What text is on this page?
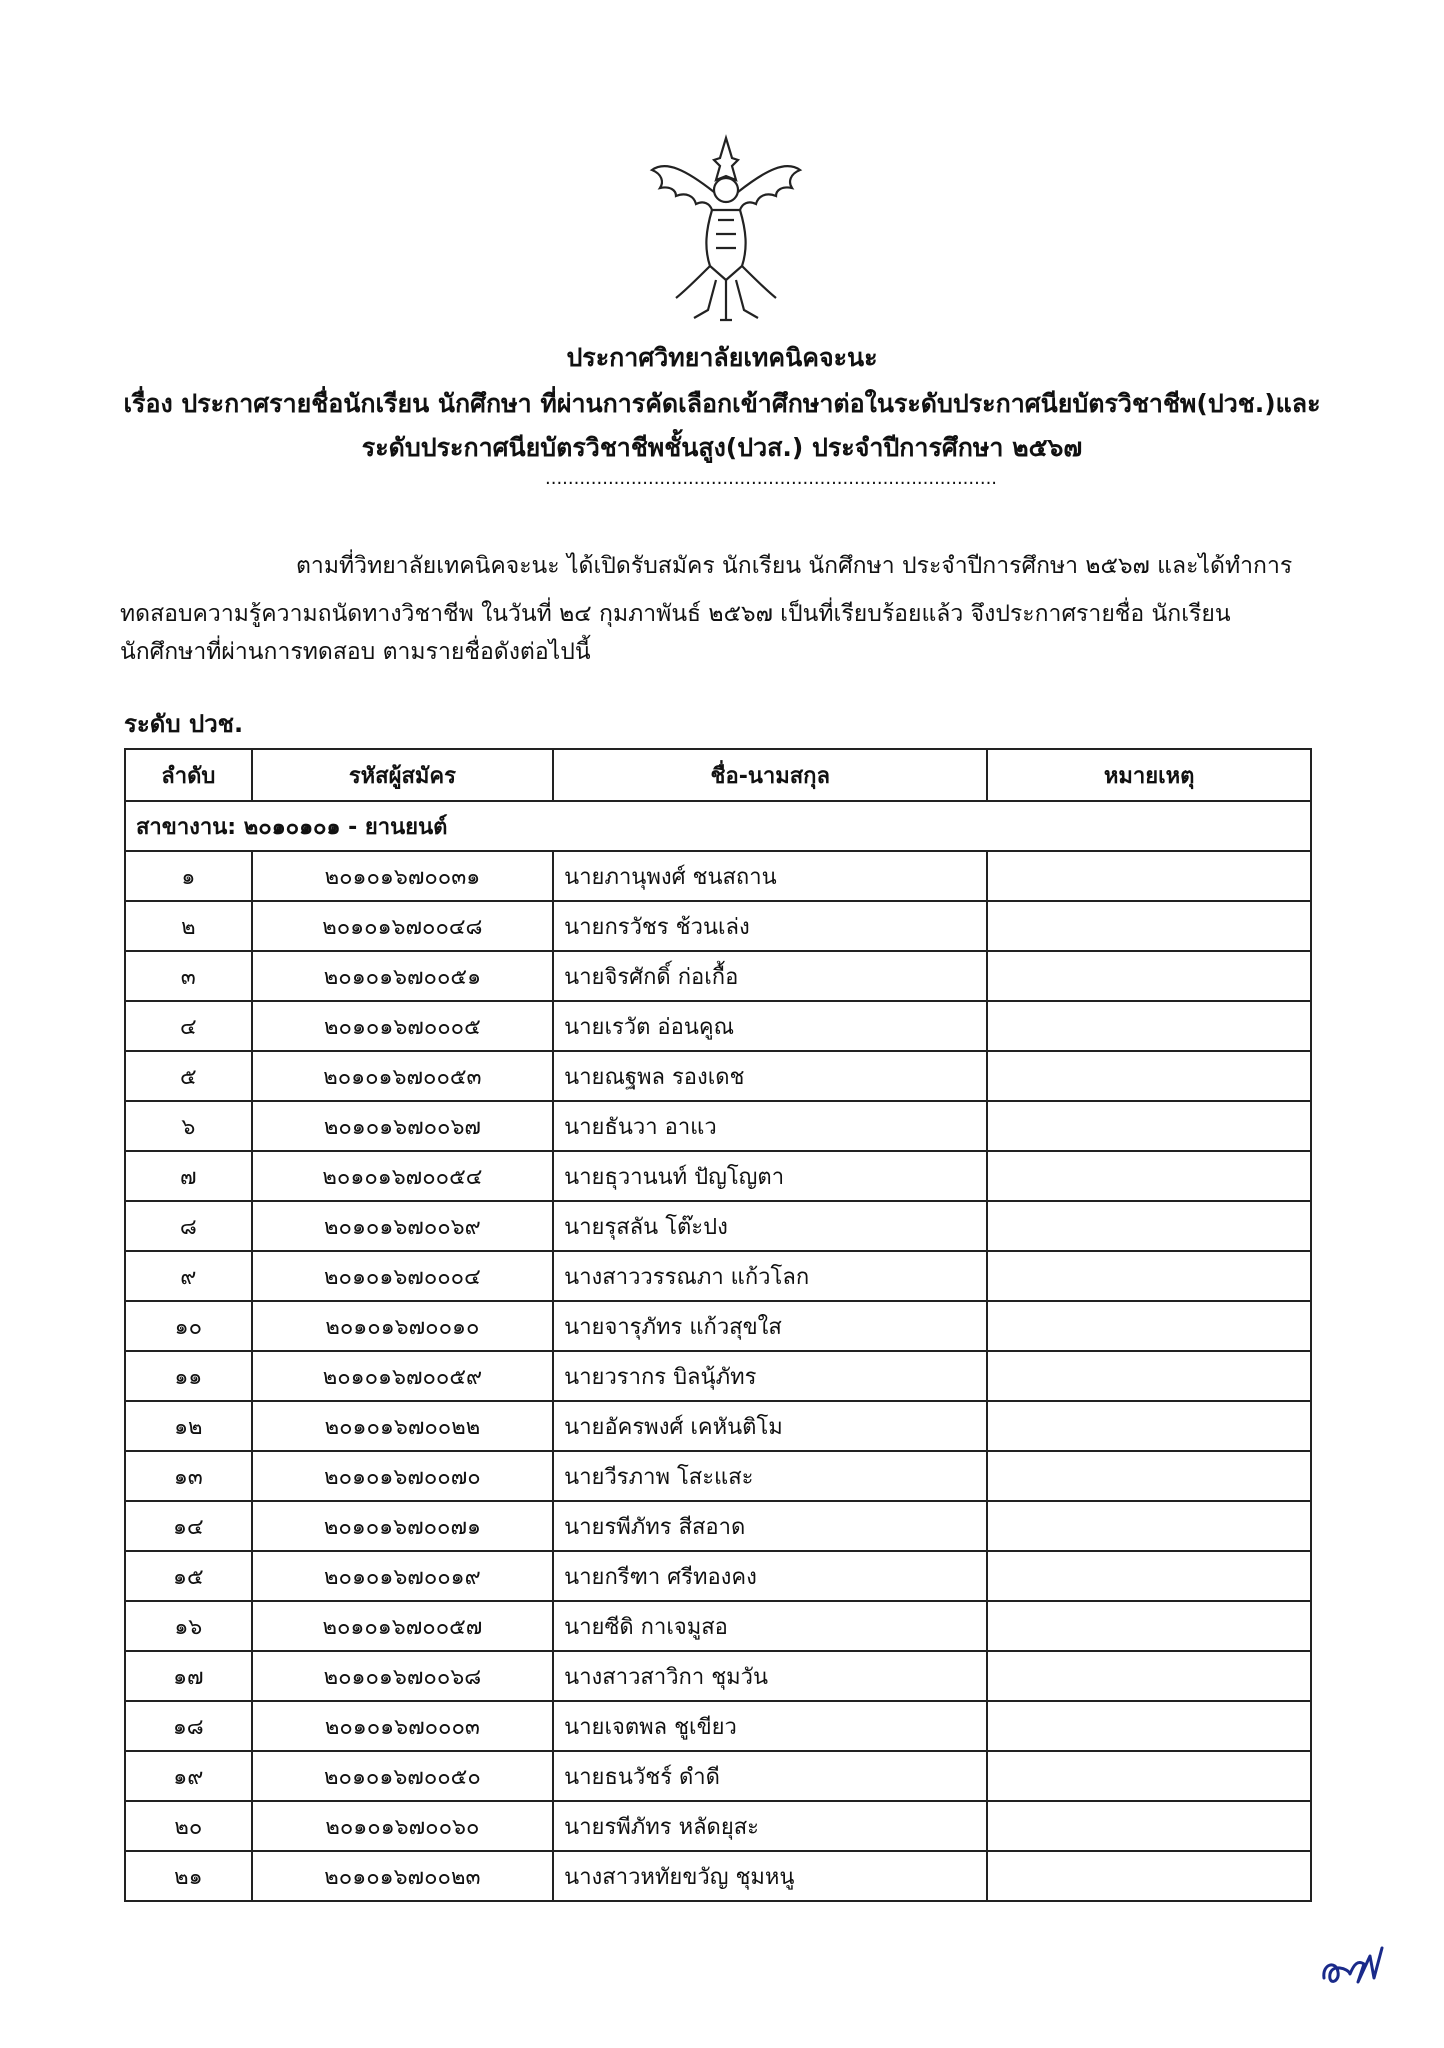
ประกาศวิทยาลัยเทคนิคจะนะ
เรื่อง ประกาศรายชื่อนักเรียน นักศึกษา ที่ผ่านการคัดเลือกเข้าศึกษาต่อในระดับประกาศนียบัตรวิชาชีพ(ปวช.)และ
ระดับประกาศนียบัตรวิชาชีพชั้นสูง(ปวส.) ประจำปีการศึกษา ๒๕๖๗
...............................................................................
ตามที่วิทยาลัยเทคนิคจะนะ ได้เปิดรับสมัคร นักเรียน นักศึกษา ประจำปีการศึกษา ๒๕๖๗ และได้ทำการ
ทดสอบความรู้ความถนัดทางวิชาชีพ ในวันที่ ๒๔ กุมภาพันธ์ ๒๕๖๗ เป็นที่เรียบร้อยแล้ว จึงประกาศรายชื่อ นักเรียน
นักศึกษาที่ผ่านการทดสอบ ตามรายชื่อดังต่อไปนี้
ระดับ ปวช.
ลำดับ	รหัสผู้สมัคร	ชื่อ-นามสกุล	หมายเหตุ
สาขางาน: ๒๐๑๐๑๐๑ - ยานยนต์			
๑	๒๐๑๐๑๖๗๐๐๓๑	นายภานุพงศ์ ชนสถาน	
๒	๒๐๑๐๑๖๗๐๐๔๘	นายกรวัชร ช้วนเล่ง	
๓	๒๐๑๐๑๖๗๐๐๕๑	นายจิรศักดิ์ ก่อเกื้อ	
๔	๒๐๑๐๑๖๗๐๐๐๕	นายเรวัต อ่อนคูณ	
๕	๒๐๑๐๑๖๗๐๐๕๓	นายณฐพล รองเดช	
๖	๒๐๑๐๑๖๗๐๐๖๗	นายธันวา อาแว	
๗	๒๐๑๐๑๖๗๐๐๕๔	นายธุวานนท์ ปัญโญตา	
๘	๒๐๑๐๑๖๗๐๐๖๙	นายรุสลัน โต๊ะปง	
๙	๒๐๑๐๑๖๗๐๐๐๔	นางสาววรรณภา แก้วโลก	
๑๐	๒๐๑๐๑๖๗๐๐๑๐	นายจารุภัทร แก้วสุขใส	
๑๑	๒๐๑๐๑๖๗๐๐๕๙	นายวรากร บิลนุ้ภัทร	
๑๒	๒๐๑๐๑๖๗๐๐๒๒	นายอัครพงศ์ เคหันติโม	
๑๓	๒๐๑๐๑๖๗๐๐๗๐	นายวีรภาพ โสะแสะ	
๑๔	๒๐๑๐๑๖๗๐๐๗๑	นายรพีภัทร สีสอาด	
๑๕	๒๐๑๐๑๖๗๐๐๑๙	นายกรีฑา ศรีทองคง	
๑๖	๒๐๑๐๑๖๗๐๐๕๗	นายซีดิ กาเจมูสอ	
๑๗	๒๐๑๐๑๖๗๐๐๖๘	นางสาวสาวิกา ชุมวัน	
๑๘	๒๐๑๐๑๖๗๐๐๐๓	นายเจตพล ชูเขียว	
๑๙	๒๐๑๐๑๖๗๐๐๕๐	นายธนวัชร์ ดำดี	
๒๐	๒๐๑๐๑๖๗๐๐๖๐	นายรพีภัทร หลัดยุสะ	
๒๑	๒๐๑๐๑๖๗๐๐๒๓	นางสาวหทัยขวัญ ชุมหนู	
